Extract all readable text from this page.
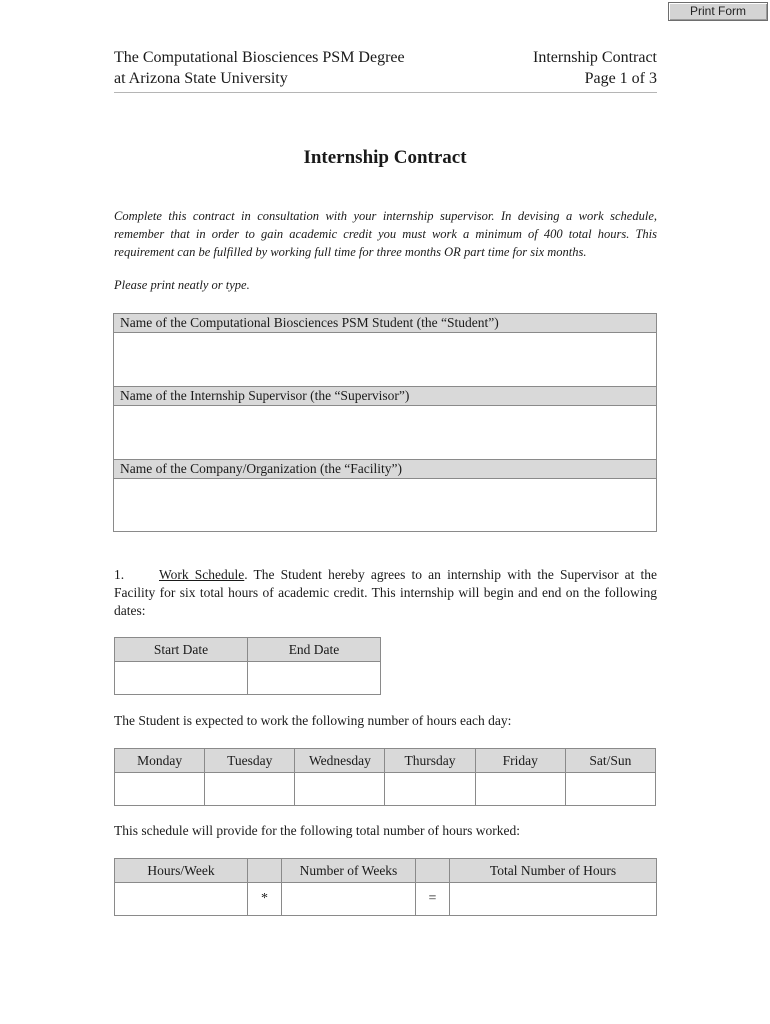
Print Form
The Computational Biosciences PSM Degree
at Arizona State University
Internship Contract
Page 1 of 3
Internship Contract

Complete this contract in consultation with your internship supervisor. In devising a work schedule, remember that in order to gain academic credit you must work a minimum of 400 total hours. This requirement can be fulfilled by working full time for three months OR part time for six months.

Please print neatly or type.

Name of the Computational Biosciences PSM Student (the “Student”)
Name of the Internship Supervisor (the “Supervisor”)
Name of the Company/Organization (the “Facility”)

1.	Work Schedule. The Student hereby agrees to an internship with the Supervisor at the Facility for six total hours of academic credit. This internship will begin and end on the following dates:

Start Date	End Date

The Student is expected to work the following number of hours each day:

Monday	Tuesday	Wednesday	Thursday	Friday	Sat/Sun

This schedule will provide for the following total number of hours worked:

Hours/Week		Number of Weeks		Total Number of Hours
	*		=	
